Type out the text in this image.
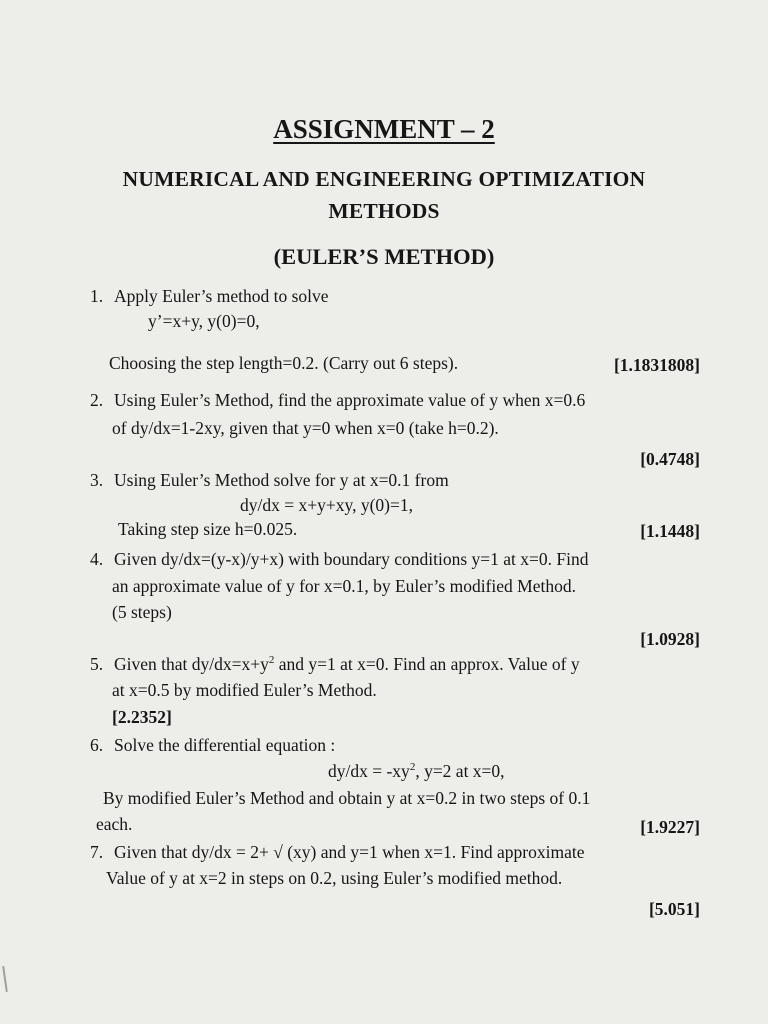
ASSIGNMENT – 2
NUMERICAL AND ENGINEERING OPTIMIZATION
METHODS
(EULER’S METHOD)
1. Apply Euler’s method to solve
y’=x+y, y(0)=0,
Choosing the step length=0.2. (Carry out 6 steps).	[1.1831808]
2. Using Euler’s Method, find the approximate value of y when x=0.6
of dy/dx=1-2xy, given that y=0 when x=0 (take h=0.2).
[0.4748]
3. Using Euler’s Method solve for y at x=0.1 from
dy/dx = x+y+xy, y(0)=1,
Taking step size h=0.025.	[1.1448]
4. Given dy/dx=(y-x)/y+x) with boundary conditions y=1 at x=0. Find
an approximate value of y for x=0.1, by Euler’s modified Method.
(5 steps)
[1.0928]
5. Given that $dy/dx=x+y^2$ and y=1 at x=0. Find an approx. Value of y
at x=0.5 by modified Euler’s Method.
[2.2352]
6. Solve the differential equation :
$dy/dx = -xy^2$, y=2 at x=0,
By modified Euler’s Method and obtain y at x=0.2 in two steps of 0.1
each.	[1.9227]
7. Given that dy/dx = 2+ √ (xy) and y=1 when x=1. Find approximate
Value of y at x=2 in steps on 0.2, using Euler’s modified method.
[5.051]
